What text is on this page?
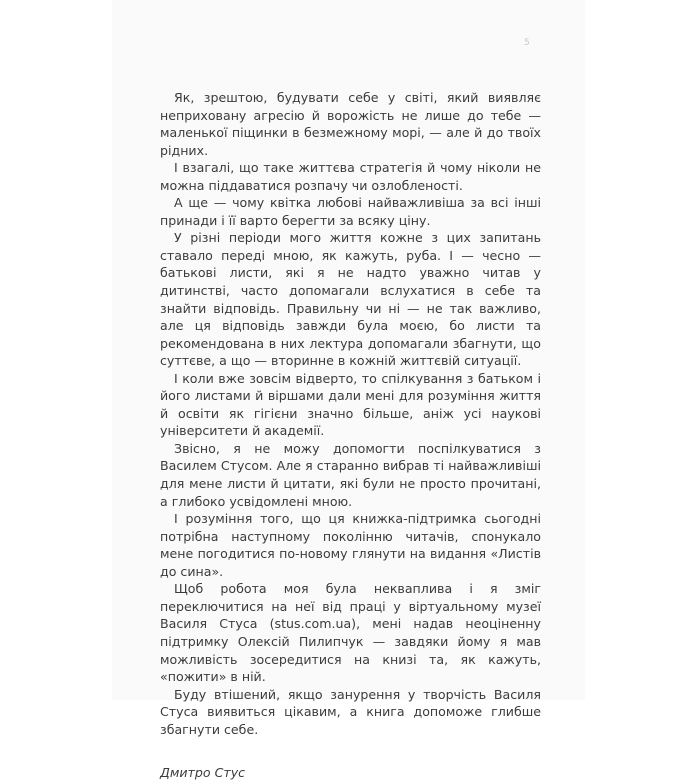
5

Як, зрештою, будувати себе у світі, який виявляє неприховану агресію й ворожість не лише до тебе — маленької піщинки в безмежному морі, — але й до твоїх рідних.

І взагалі, що таке життєва стратегія й чому ніколи не можна піддаватися розпачу чи озлобленості.

А ще — чому квітка любові найважливіша за всі інші принади і її варто берегти за всяку ціну.

У різні періоди мого життя кожне з цих запитань ставало переді мною, як кажуть, руба. І — чесно — батькові листи, які я не надто уважно читав у дитинстві, часто допомагали вслухатися в себе та знайти відповідь. Правильну чи ні — не так важливо, але ця відповідь завжди була моєю, бо листи та рекомендована в них лектура допомагали збагнути, що суттєве, а що — вторинне в кожній життєвій ситуації.

І коли вже зовсім відверто, то спілкування з батьком і його листами й віршами дали мені для розуміння життя й освіти як гігієни значно більше, аніж усі наукові університети й академії.

Звісно, я не можу допомогти поспілкуватися з Василем Стусом. Але я старанно вибрав ті найважливіші для мене листи й цитати, які були не просто прочитані, а глибоко усвідомлені мною.

І розуміння того, що ця книжка-підтримка сьогодні потрібна наступному поколінню читачів, спонукало мене погодитися по-новому глянути на видання «Листів до сина».

Щоб робота моя була некваплива і я зміг переключитися на неї від праці у віртуальному музеї Василя Стуса (stus.com.ua), мені надав неоціненну підтримку Олексій Пилипчук — завдяки йому я мав можливість зосередитися на книзі та, як кажуть, «пожити» в ній.

Буду втішений, якщо занурення у творчість Василя Стуса виявиться цікавим, а книга допоможе глибше збагнути себе.

Дмитро Стус
